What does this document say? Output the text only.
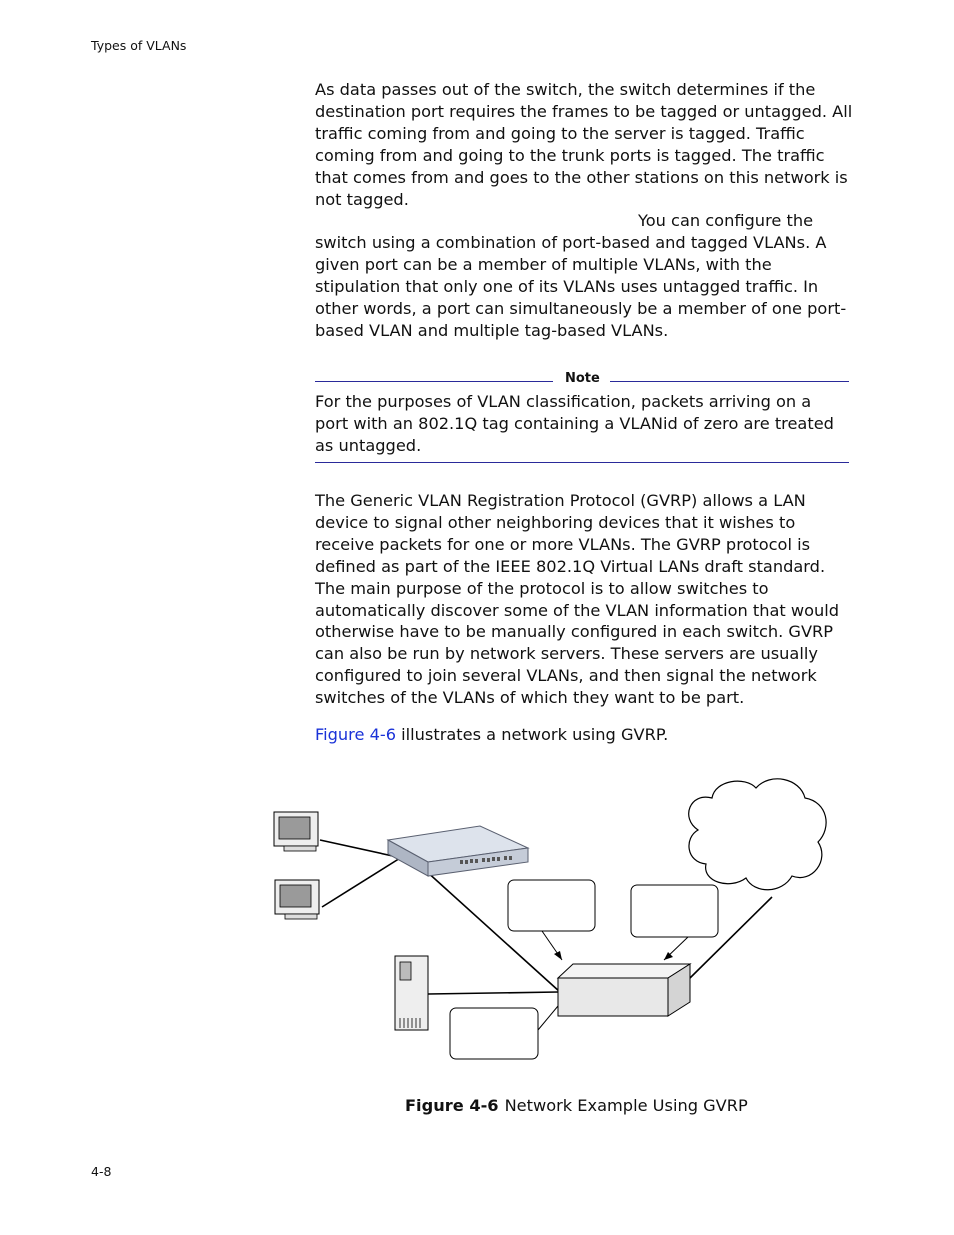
Types of VLANs

As data passes out of the switch, the switch determines if the destination port requires the frames to be tagged or untagged. All traffic coming from and going to the server is tagged. Traffic coming from and going to the trunk ports is tagged. The traffic that comes from and goes to the other stations on this network is not tagged.

You can configure the switch using a combination of port-based and tagged VLANs. A given port can be a member of multiple VLANs, with the stipulation that only one of its VLANs uses untagged traffic. In other words, a port can simultaneously be a member of one port-based VLAN and multiple tag-based VLANs.

Note

For the purposes of VLAN classification, packets arriving on a port with an 802.1Q tag containing a VLANid of zero are treated as untagged.

The Generic VLAN Registration Protocol (GVRP) allows a LAN device to signal other neighboring devices that it wishes to receive packets for one or more VLANs. The GVRP protocol is defined as part of the IEEE 802.1Q Virtual LANs draft standard. The main purpose of the protocol is to allow switches to automatically discover some of the VLAN information that would otherwise have to be manually configured in each switch. GVRP can also be run by network servers. These servers are usually configured to join several VLANs, and then signal the network switches of the VLANs of which they want to be part.

Figure 4-6 illustrates a network using GVRP.

Figure 4-6 Network Example Using GVRP
4-8
